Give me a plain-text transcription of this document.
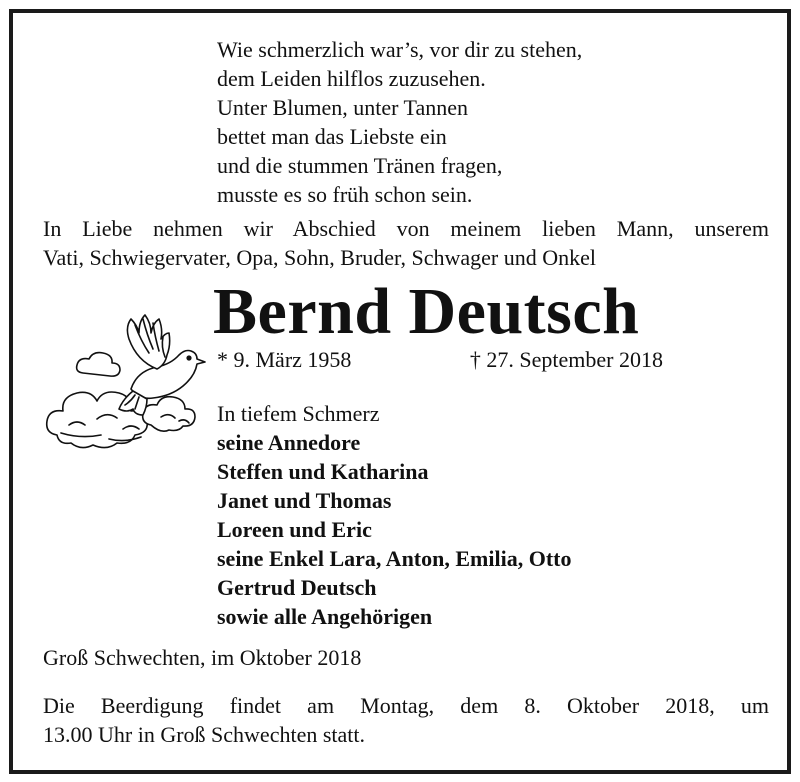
Wie schmerzlich war’s, vor dir zu stehen,
dem Leiden hilflos zuzusehen.
Unter Blumen, unter Tannen
bettet man das Liebste ein
und die stummen Tränen fragen,
musste es so früh schon sein.
In Liebe nehmen wir Abschied von meinem lieben Mann, unserem
Vati, Schwiegervater, Opa, Sohn, Bruder, Schwager und Onkel
Bernd Deutsch
* 9. März 1958	† 27. September 2018
In tiefem Schmerz
seine Annedore
Steffen und Katharina
Janet und Thomas
Loreen und Eric
seine Enkel Lara, Anton, Emilia, Otto
Gertrud Deutsch
sowie alle Angehörigen
Groß Schwechten, im Oktober 2018
Die Beerdigung findet am Montag, dem 8. Oktober 2018, um
13.00 Uhr in Groß Schwechten statt.
